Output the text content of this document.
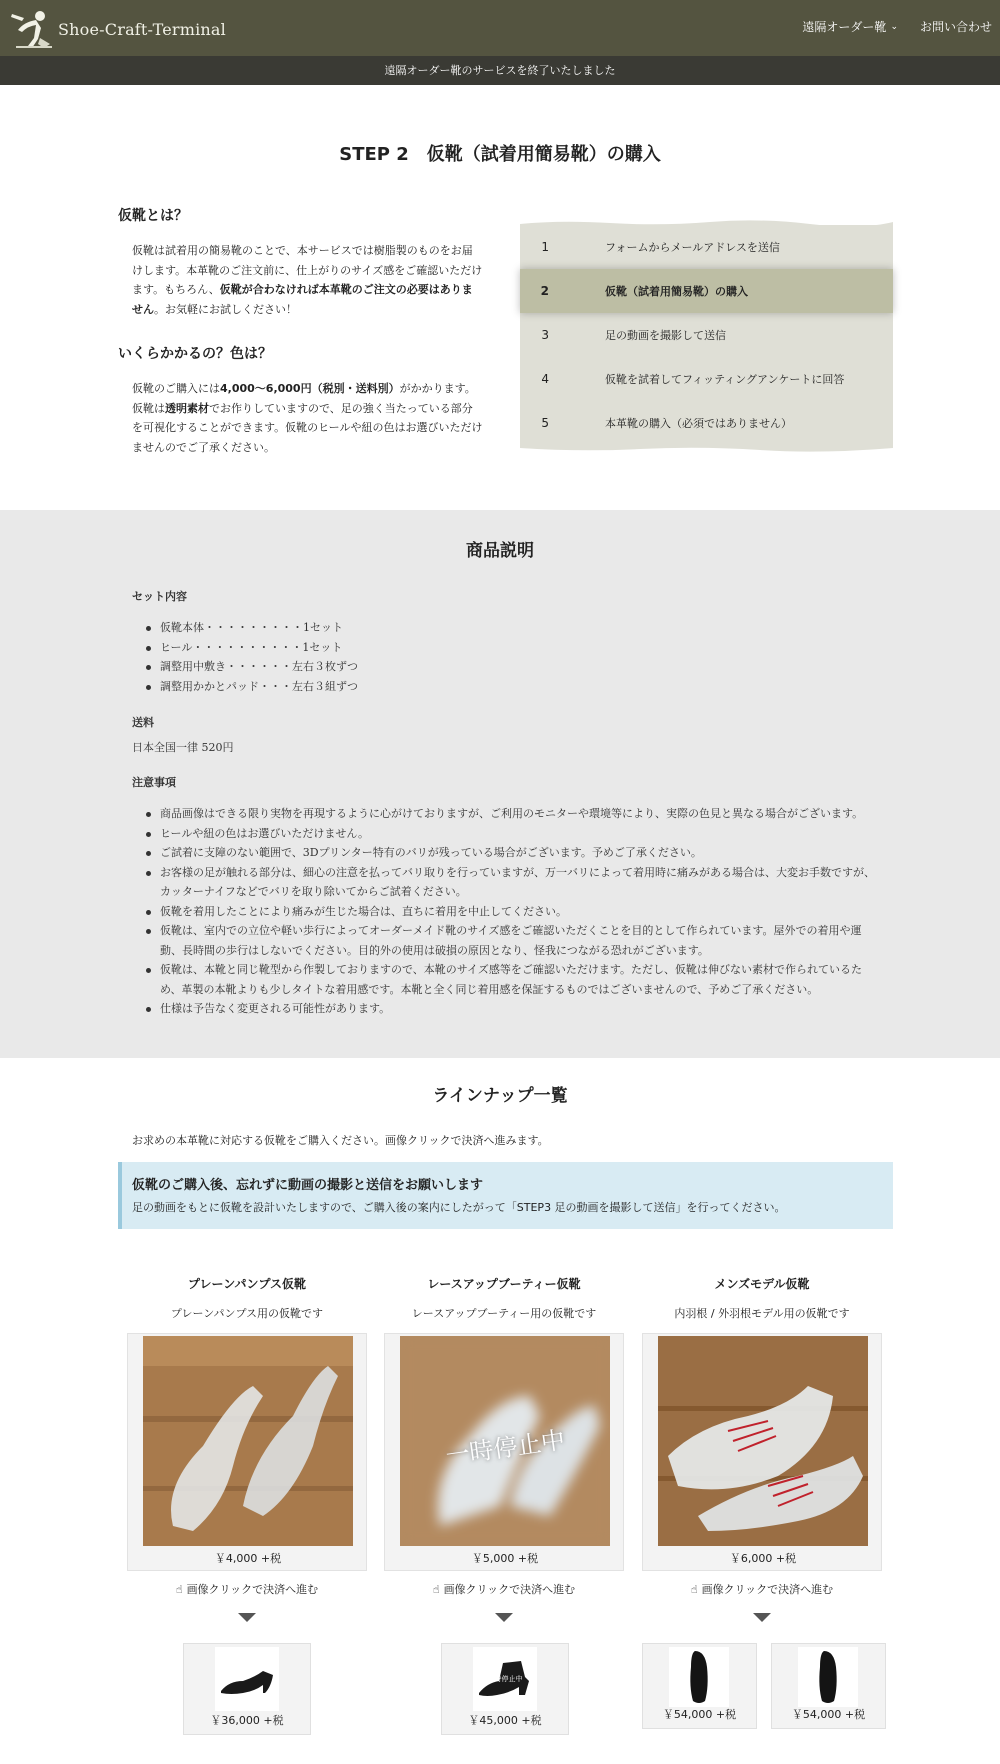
Shoe-Craft-Terminal	遠隔オーダー靴 ⌄ お問い合わせ
遠隔オーダー靴のサービスを終了いたしました
STEP 2　仮靴（試着用簡易靴）の購入
仮靴とは？

仮靴は試着用の簡易靴のことで、本サービスでは樹脂製のものをお届けします。本革靴のご注文前に、仕上がりのサイズ感をご確認いただけます。もちろん、仮靴が合わなければ本革靴のご注文の必要はありません。お気軽にお試しください！

いくらかかるの？色は？

仮靴のご購入には4,000〜6,000円（税別・送料別）がかかります。仮靴は透明素材でお作りしていますので、足の強く当たっている部分を可視化することができます。仮靴のヒールや紐の色はお選びいただけませんのでご了承ください。

1	フォームからメールアドレスを送信
2	仮靴（試着用簡易靴）の購入
3	足の動画を撮影して送信
4	仮靴を試着してフィッティングアンケートに回答
5	本革靴の購入（必須ではありません）
商品説明
セット内容
仮靴本体・・・・・・・・・1セット
ヒール・・・・・・・・・・1セット
調整用中敷き・・・・・・左右３枚ずつ
調整用かかとパッド・・・左右３組ずつ
送料
日本全国一律 520円
注意事項
商品画像はできる限り実物を再現するように心がけておりますが、ご利用のモニターや環境等により、実際の色見と異なる場合がございます。
ヒールや紐の色はお選びいただけません。
ご試着に支障のない範囲で、3Dプリンター特有のバリが残っている場合がございます。予めご了承ください。
お客様の足が触れる部分は、細心の注意を払ってバリ取りを行っていますが、万一バリによって着用時に痛みがある場合は、大変お手数ですが、カッターナイフなどでバリを取り除いてからご試着ください。
仮靴を着用したことにより痛みが生じた場合は、直ちに着用を中止してください。
仮靴は、室内での立位や軽い歩行によってオーダーメイド靴のサイズ感をご確認いただくことを目的として作られています。屋外での着用や運動、長時間の歩行はしないでください。目的外の使用は破損の原因となり、怪我につながる恐れがございます。
仮靴は、本靴と同じ靴型から作製しておりますので、本靴のサイズ感等をご確認いただけます。ただし、仮靴は伸びない素材で作られているため、革製の本靴よりも少しタイトな着用感です。本靴と全く同じ着用感を保証するものではございませんので、予めご了承ください。
仕様は予告なく変更される可能性があります。
ラインナップ一覧
お求めの本革靴に対応する仮靴をご購入ください。画像クリックで決済へ進みます。
仮靴のご購入後、忘れずに動画の撮影と送信をお願いします
足の動画をもとに仮靴を設計いたしますので、ご購入後の案内にしたがって「STEP3 足の動画を撮影して送信」を行ってください。
プレーンパンプス仮靴
プレーンパンプス用の仮靴です
￥4,000 +税
☝ 画像クリックで決済へ進む
レースアップブーティー仮靴
レースアップブーティー用の仮靴です
一時停止中
￥5,000 +税
☝ 画像クリックで決済へ進む
メンズモデル仮靴
内羽根 / 外羽根モデル用の仮靴です
￥6,000 +税
☝ 画像クリックで決済へ進む
￥36,000 +税
一時停止中
￥45,000 +税	￥54,000 +税	￥54,000 +税
